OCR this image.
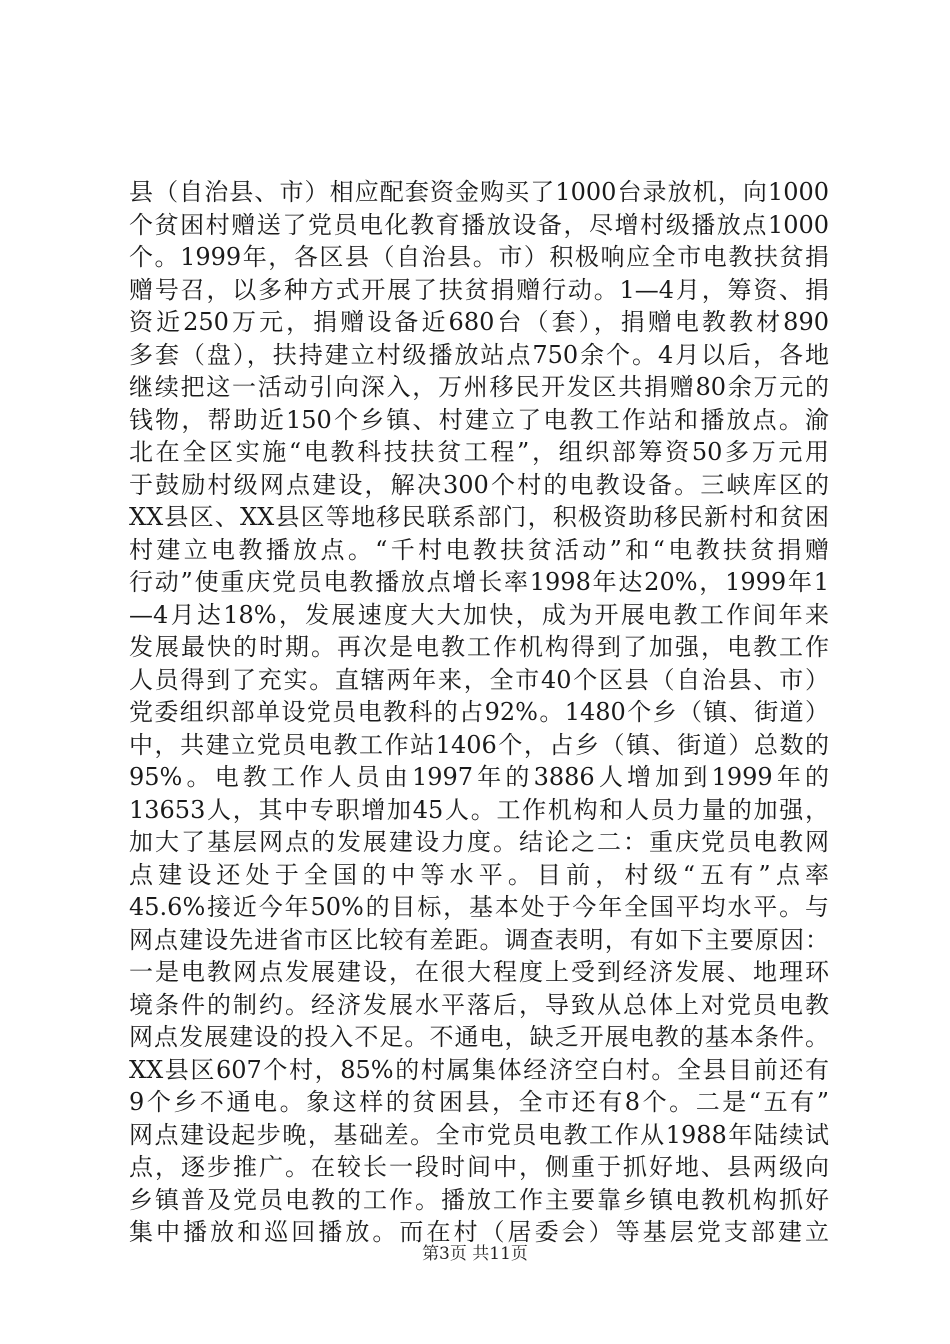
县（自治县、市）相应配套资金购买了1000台录放机，向1000
个贫困村赠送了党员电化教育播放设备，尽增村级播放点1000
个。1999年，各区县（自治县。市）积极响应全市电教扶贫捐
赠号召，以多种方式开展了扶贫捐赠行动。1—4月，筹资、捐
资近250万元，捐赠设备近680台（套），捐赠电教教材890
多套（盘），扶持建立村级播放站点750余个。4月以后，各地
继续把这一活动引向深入，万州移民开发区共捐赠80余万元的
钱物，帮助近150个乡镇、村建立了电教工作站和播放点。渝
北在全区实施“电教科技扶贫工程”，组织部筹资50多万元用
于鼓励村级网点建设，解决300个村的电教设备。三峡库区的
XX县区、XX县区等地移民联系部门，积极资助移民新村和贫困
村建立电教播放点。“千村电教扶贫活动”和“电教扶贫捐赠
行动”使重庆党员电教播放点增长率1998年达20%，1999年1
—4月达18%，发展速度大大加快，成为开展电教工作间年来
发展最快的时期。再次是电教工作机构得到了加强，电教工作
人员得到了充实。直辖两年来，全市40个区县（自治县、市）
党委组织部单设党员电教科的占92%。1480个乡（镇、街道）
中，共建立党员电教工作站1406个，占乡（镇、街道）总数的
95%。电教工作人员由1997年的3886人增加到1999年的
13653人，其中专职增加45人。工作机构和人员力量的加强，
加大了基层网点的发展建设力度。结论之二：重庆党员电教网
点建设还处于全国的中等水平。目前，村级“五有”点率
45.6%接近今年50%的目标，基本处于今年全国平均水平。与
网点建设先进省市区比较有差距。调查表明，有如下主要原因：
一是电教网点发展建设，在很大程度上受到经济发展、地理环
境条件的制约。经济发展水平落后，导致从总体上对党员电教
网点发展建设的投入不足。不通电，缺乏开展电教的基本条件。
XX县区607个村，85%的村属集体经济空白村。全县目前还有
9个乡不通电。象这样的贫困县，全市还有8个。二是“五有”
网点建设起步晚，基础差。全市党员电教工作从1988年陆续试
点，逐步推广。在较长一段时间中，侧重于抓好地、县两级向
乡镇普及党员电教的工作。播放工作主要靠乡镇电教机构抓好
集中播放和巡回播放。而在村（居委会）等基层党支部建立
第3页 共11页
